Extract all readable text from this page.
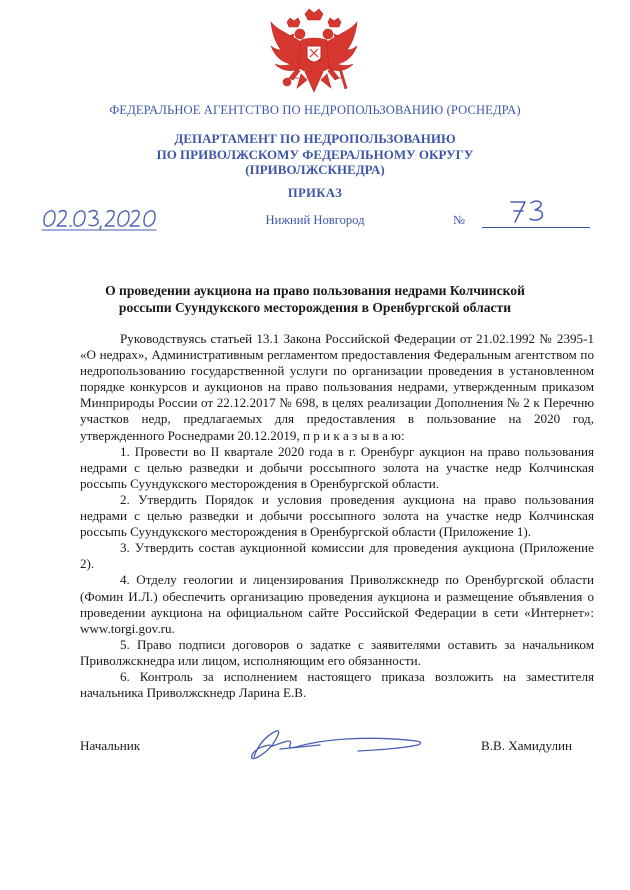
ФЕДЕРАЛЬНОЕ АГЕНТСТВО ПО НЕДРОПОЛЬЗОВАНИЮ (РОСНЕДРА)
ДЕПАРТАМЕНТ ПО НЕДРОПОЛЬЗОВАНИЮ
ПО ПРИВОЛЖСКОМУ ФЕДЕРАЛЬНОМУ ОКРУГУ
(ПРИВОЛЖСКНЕДРА)
ПРИКАЗ
Нижний Новгород	№
О проведении аукциона на право пользования недрами Колчинской
россыпи Суундукского месторождения в Оренбургской области

Руководствуясь статьей 13.1 Закона Российской Федерации от 21.02.1992 № 2395-1 «О недрах», Административным регламентом предоставления Федеральным агентством по недропользованию государственной услуги по организации проведения в установленном порядке конкурсов и аукционов на право пользования недрами, утвержденным приказом Минприроды России от 22.12.2017 № 698, в целях реализации Дополнения № 2 к Перечню участков недр, предлагаемых для предоставления в пользование на 2020 год, утвержденного Роснедрами 20.12.2019, п р и к а з ы в а ю:

1. Провести во II квартале 2020 года в г. Оренбург аукцион на право пользования недрами с целью разведки и добычи россыпного золота на участке недр Колчинская россыпь Суундукского месторождения в Оренбургской области.

2. Утвердить Порядок и условия проведения аукциона на право пользования недрами с целью разведки и добычи россыпного золота на участке недр Колчинская россыпь Суундукского месторождения в Оренбургской области (Приложение 1).

3. Утвердить состав аукционной комиссии для проведения аукциона (Приложение 2).

4. Отделу геологии и лицензирования Приволжскнедр по Оренбургской области (Фомин И.Л.) обеспечить организацию проведения аукциона и размещение объявления о проведении аукциона на официальном сайте Российской Федерации в сети «Интернет»: www.torgi.gov.ru.

5. Право подписи договоров о задатке с заявителями оставить за начальником Приволжскнедра или лицом, исполняющим его обязанности.

6. Контроль за исполнением настоящего приказа возложить на заместителя начальника Приволжскнедр Ларина Е.В.

Начальник	В.В. Хамидулин
